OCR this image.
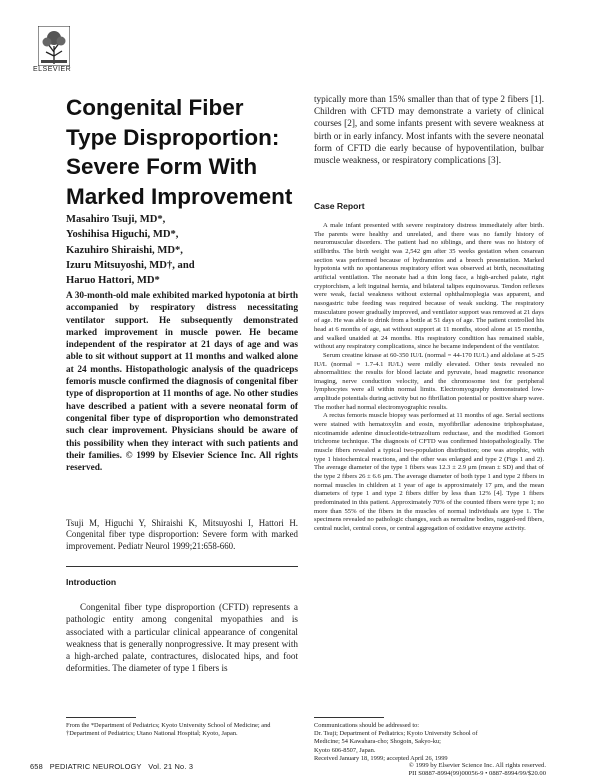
ELSEVIER
Congenital Fiber Type Disproportion: Severe Form With Marked Improvement
Masahiro Tsuji, MD*,
Yoshihisa Higuchi, MD*,
Kazuhiro Shiraishi, MD*,
Izuru Mitsuyoshi, MD†, and
Haruo Hattori, MD*
A 30-month-old male exhibited marked hypotonia at birth accompanied by respiratory distress necessitating ventilator support. He subsequently demonstrated marked improvement in muscle power. He became independent of the respirator at 21 days of age and was able to sit without support at 11 months and walked alone at 24 months. Histopathologic analysis of the quadriceps femoris muscle confirmed the diagnosis of congenital fiber type of disproportion at 11 months of age. No other studies have described a patient with a severe neonatal form of congenital fiber type of disproportion who demonstrated such clear improvement. Physicians should be aware of this possibility when they interact with such patients and their families. © 1999 by Elsevier Science Inc. All rights reserved.
Tsuji M, Higuchi Y, Shiraishi K, Mitsuyoshi I, Hattori H. Congenital fiber type disproportion: Severe form with marked improvement. Pediatr Neurol 1999;21:658-660.
Introduction
Congenital fiber type disproportion (CFTD) represents a pathologic entity among congenital myopathies and is associated with a particular clinical appearance of congenital weakness that is generally nonprogressive. It may present with a high-arched palate, contractures, dislocated hips, and foot deformities. The diameter of type 1 fibers is
typically more than 15% smaller than that of type 2 fibers [1]. Children with CFTD may demonstrate a variety of clinical courses [2], and some infants present with severe weakness at birth or in early infancy. Most infants with the severe neonatal form of CFTD die early because of hypoventilation, bulbar muscle weakness, or respiratory complications [3].
Case Report

A male infant presented with severe respiratory distress immediately after birth. The parents were healthy and unrelated, and there was no family history of neuromuscular disorders. The patient had no siblings, and there was no history of stillbirths. The birth weight was 2,542 gm after 35 weeks gestation when cesarean section was performed because of hydramnios and a breech presentation. Marked hypotonia with no spontaneous respiratory effort was observed at birth, necessitating artificial ventilation. The neonate had a thin long face, a high-arched palate, right cryptorchism, a left inguinal hernia, and bilateral talipes equinovarus. Tendon reflexes were weak, facial weakness without external ophthalmoplegia was apparent, and nasogastric tube feeding was required because of weak sucking. The respiratory musculature power gradually improved, and ventilator support was removed at 21 days of age. He was able to drink from a bottle at 51 days of age. The patient controlled his head at 6 months of age, sat without support at 11 months, stood alone at 15 months, and walked unaided at 24 months. His respiratory condition has remained stable, without any respiratory complications, since he became independent of the ventilator.

Serum creatine kinase at 60-350 IU/L (normal = 44-170 IU/L) and aldolase at 5-25 IU/L (normal = 1.7-4.1 IU/L) were mildly elevated. Other tests revealed no abnormalities: the results for blood lactate and pyruvate, head magnetic resonance imaging, nerve conduction velocity, and the chromosome test for peripheral lymphocytes were all within normal limits. Electromyography demonstrated low-amplitude potentials during activity but no fibrillation potential or positive sharp wave. The mother had normal electromyographic results.

A rectus femoris muscle biopsy was performed at 11 months of age. Serial sections were stained with hematoxylin and eosin, myofibrillar adenosine triphosphatase, nicotinamide adenine dinucleotide-tetrazolium reductase, and the modified Gomori trichrome technique. The diagnosis of CFTD was confirmed histopathologically. The muscle fibers revealed a typical two-population distribution; one was atrophic, with type 1 histochemical reactions, and the other was enlarged and type 2 (Figs 1 and 2). The average diameter of the type 1 fibers was 12.3 ± 2.9 μm (mean ± SD) and that of the type 2 fibers 26 ± 6.6 μm. The average diameter of both type 1 and type 2 fibers in normal muscles in children at 1 year of age is approximately 17 μm, and the mean diameters of type 1 and type 2 fibers differ by less than 12% [4]. Type 1 fibers predominated in this patient. Approximately 70% of the counted fibers were type 1; no more than 55% of the fibers in the muscles of normal individuals are type 1. The specimens revealed no pathologic changes, such as nemaline bodies, ragged-red fibers, central nuclei, central cores, or central aggregation of oxidative enzyme activity.

From the *Department of Pediatrics; Kyoto University School of Medicine; and †Department of Pediatrics; Utano National Hospital; Kyoto, Japan.
Communications should be addressed to:
Dr. Tsuji; Department of Pediatrics; Kyoto University School of
Medicine; 54 Kawahara-cho; Shogoin, Sakyo-ku;
Kyoto 606-8507, Japan.
Received January 18, 1999; accepted April 26, 1999
658   PEDIATRIC NEUROLOGY   Vol. 21 No. 3	© 1999 by Elsevier Science Inc. All rights reserved.
PII S0887-8994(99)00056-9 • 0887-8994/99/$20.00
